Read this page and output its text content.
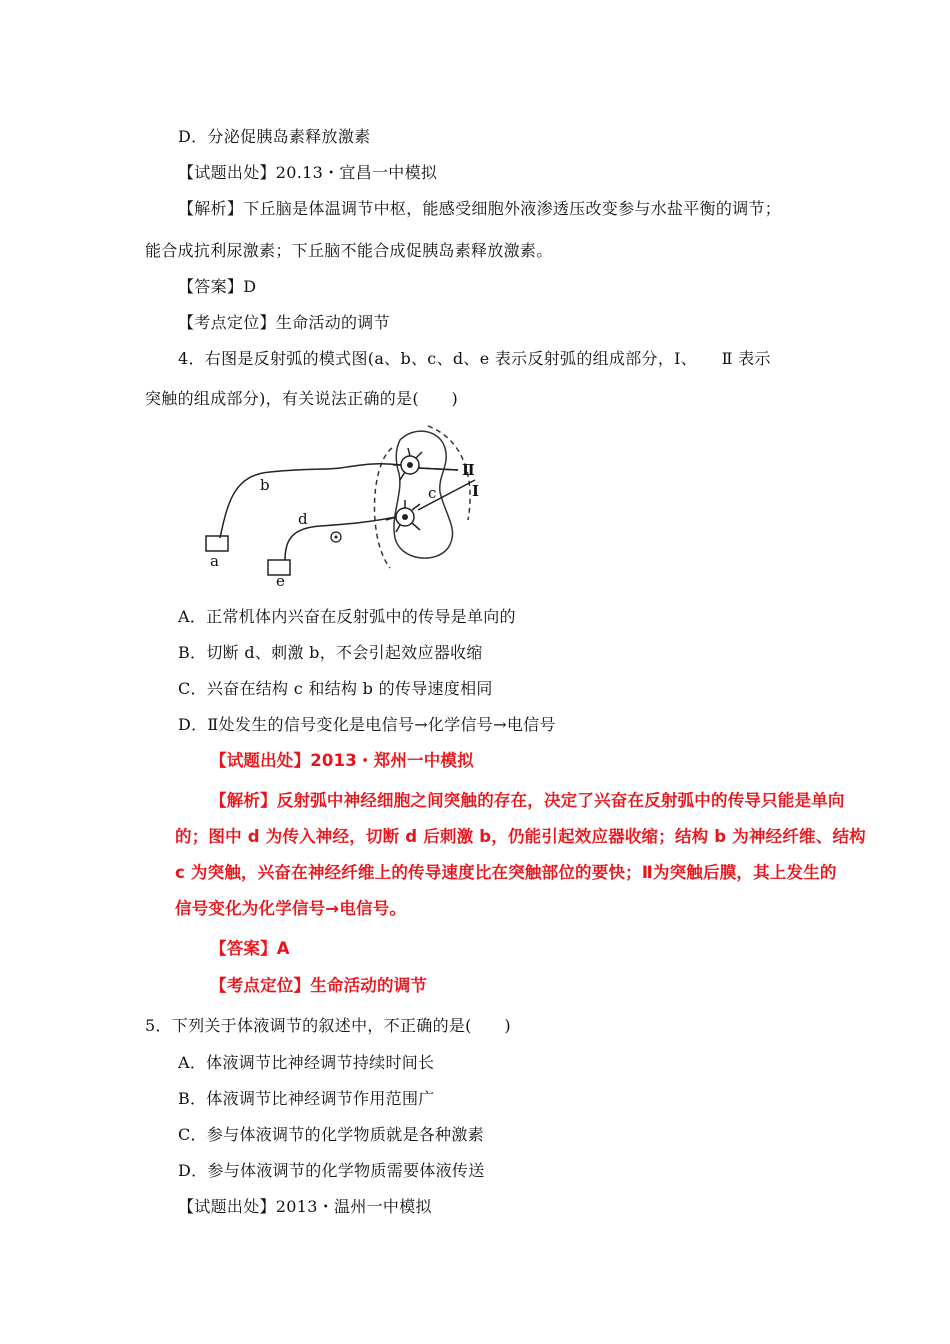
D．分泌促胰岛素释放激素
【试题出处】20.13・宜昌一中模拟
【解析】下丘脑是体温调节中枢，能感受细胞外液渗透压改变参与水盐平衡的调节；
能合成抗利尿激素；下丘脑不能合成促胰岛素释放激素。
【答案】D
【考点定位】生命活动的调节
4．右图是反射弧的模式图(a、b、c、d、e 表示反射弧的组成部分，Ⅰ、　　Ⅱ 表示
突触的组成部分)，有关说法正确的是(　　)
b
d
c
a
e
Ⅱ
Ⅰ
A．正常机体内兴奋在反射弧中的传导是单向的
B．切断 d、刺激 b，不会引起效应器收缩
C．兴奋在结构 c 和结构 b 的传导速度相同
D．Ⅱ处发生的信号变化是电信号→化学信号→电信号
【试题出处】2013・郑州一中模拟
【解析】反射弧中神经细胞之间突触的存在，决定了兴奋在反射弧中的传导只能是单向
的；图中 d 为传入神经，切断 d 后刺激 b，仍能引起效应器收缩；结构 b 为神经纤维、结构
c 为突触，兴奋在神经纤维上的传导速度比在突触部位的要快；Ⅱ为突触后膜，其上发生的
信号变化为化学信号→电信号。
【答案】A
【考点定位】生命活动的调节
5．下列关于体液调节的叙述中，不正确的是(　　)
A．体液调节比神经调节持续时间长
B．体液调节比神经调节作用范围广
C．参与体液调节的化学物质就是各种激素
D．参与体液调节的化学物质需要体液传送
【试题出处】2013・温州一中模拟
